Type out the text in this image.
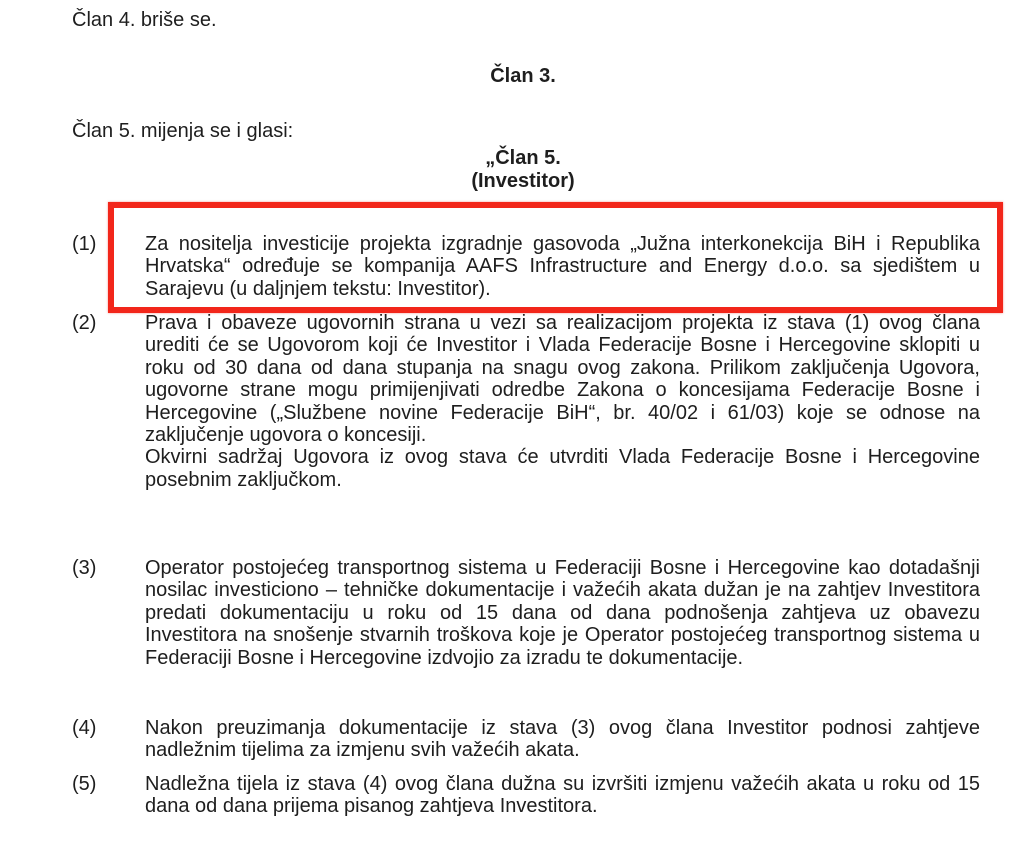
Član 4. briše se.
Član 3.
Član 5. mijenja se i glasi:
„Član 5.
(Investitor)
(1) Za nositelja investicije projekta izgradnje gasovoda „Južna interkonekcija BiH i Republika Hrvatska“ određuje se kompanija AAFS Infrastructure and Energy d.o.o. sa sjedištem u Sarajevu (u daljnjem tekstu: Investitor).

(2) Prava i obaveze ugovornih strana u vezi sa realizacijom projekta iz stava (1) ovog člana urediti će se Ugovorom koji će Investitor i Vlada Federacije Bosne i Hercegovine sklopiti u roku od 30 dana od dana stupanja na snagu ovog zakona. Prilikom zaključenja Ugovora, ugovorne strane mogu primijenjivati odredbe Zakona o koncesijama Federacije Bosne i Hercegovine („Službene novine Federacije BiH“, br. 40/02 i 61/03) koje se odnose na zaključenje ugovora o koncesiji.

Okvirni sadržaj Ugovora iz ovog stava će utvrditi Vlada Federacije Bosne i Hercegovine posebnim zaključkom.

(3) Operator postojećeg transportnog sistema u Federaciji Bosne i Hercegovine kao dotadašnji nosilac investiciono – tehničke dokumentacije i važećih akata dužan je na zahtjev Investitora predati dokumentaciju u roku od 15 dana od dana podnošenja zahtjeva uz obavezu Investitora na snošenje stvarnih troškova koje je Operator postojećeg transportnog sistema u Federaciji Bosne i Hercegovine izdvojio za izradu te dokumentacije.

(4) Nakon preuzimanja dokumentacije iz stava (3) ovog člana Investitor podnosi zahtjeve nadležnim tijelima za izmjenu svih važećih akata.

(5) Nadležna tijela iz stava (4) ovog člana dužna su izvršiti izmjenu važećih akata u roku od 15 dana od dana prijema pisanog zahtjeva Investitora.
